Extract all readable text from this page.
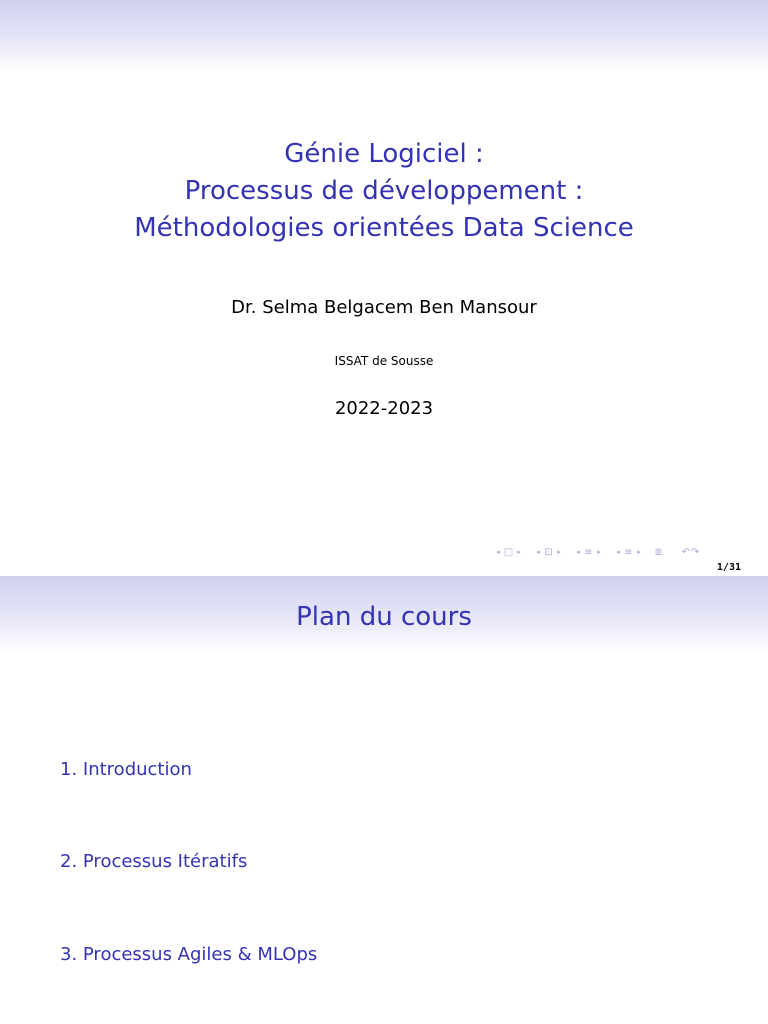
Génie Logiciel :
Processus de développement :
Méthodologies orientées Data Science
Dr. Selma Belgacem Ben Mansour
ISSAT de Sousse
2022-2023
◂ □ ▸	◂ ⊡ ▸	◂ ≡ ▸	◂ ≡ ▸	≣	↶↷
1/31
Plan du cours
1. Introduction
2. Processus Itératifs
3. Processus Agiles & MLOps
